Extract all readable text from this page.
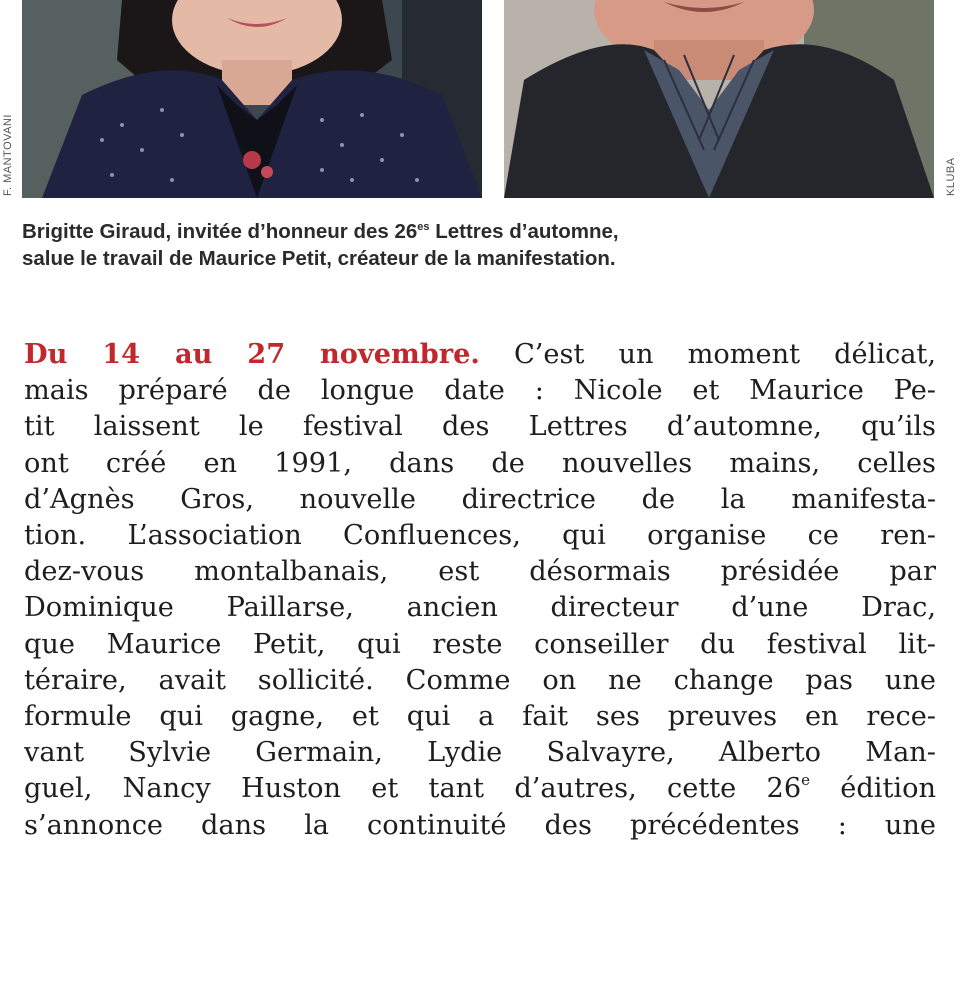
F. MANTOVANI	KLUBA
Brigitte Giraud, invitée d’honneur des $26^{es}$ Lettres d’automne,
salue le travail de Maurice Petit, créateur de la manifestation.
Du 14 au 27 novembre. C’est un moment délicat,
mais préparé de longue date : Nicole et Maurice Pe-
tit laissent le festival des Lettres d’automne, qu’ils
ont créé en 1991, dans de nouvelles mains, celles
d’Agnès Gros, nouvelle directrice de la manifesta-
tion. L’association Confluences, qui organise ce ren-
dez-vous montalbanais, est désormais présidée par
Dominique Paillarse, ancien directeur d’une Drac,
que Maurice Petit, qui reste conseiller du festival lit-
téraire, avait sollicité. Comme on ne change pas une
formule qui gagne, et qui a fait ses preuves en rece-
vant Sylvie Germain, Lydie Salvayre, Alberto Man-
guel, Nancy Huston et tant d’autres, cette 26e édition
s’annonce dans la continuité des précédentes : une
